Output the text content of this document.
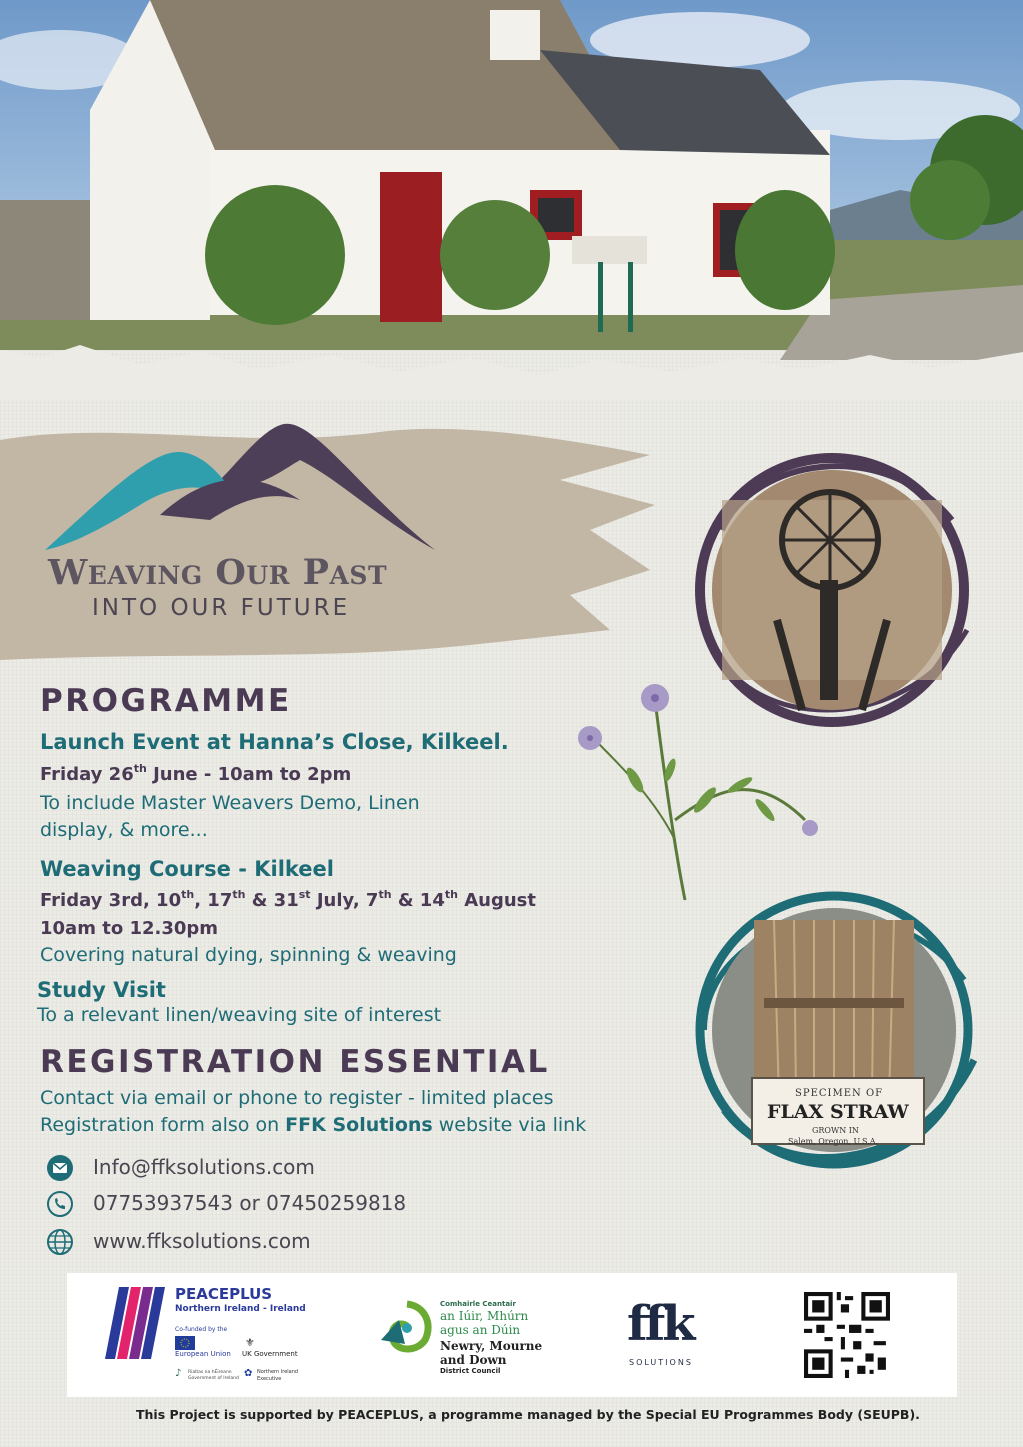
Weaving Our Past
INTO OUR FUTURE
SPECIMEN OF
FLAX STRAW
GROWN IN
Salem, Oregon, U.S.A.
PROGRAMME
Launch Event at Hanna’s Close, Kilkeel.
Friday 26th June - 10am to 2pm
To include Master Weavers Demo, Linen
display, & more...
Weaving Course - Kilkeel
Friday 3rd, 10th, 17th & 31st July, 7th & 14th August
10am to 12.30pm
Covering natural dying, spinning & weaving
Study Visit
To a relevant linen/weaving site of interest
REGISTRATION ESSENTIAL
Contact via email or phone to register - limited places
Registration form also on FFK Solutions website via link
Info@ffksolutions.com
07753937543 or 07450259818
www.ffksolutions.com
PEACEPLUS
Northern Ireland - Ireland
Co-funded by the
European Union
⚜
UK Government
♪ Rialtas na hÉireann
Government of Ireland ✿ Northern Ireland
Executive
Comhairle Ceantair
an Iúir, Mhúrn
agus an Dúin
Newry, Mourne
and Down
District Council
ffk
SOLUTIONS
This Project is supported by PEACEPLUS, a programme managed by the Special EU Programmes Body (SEUPB).
